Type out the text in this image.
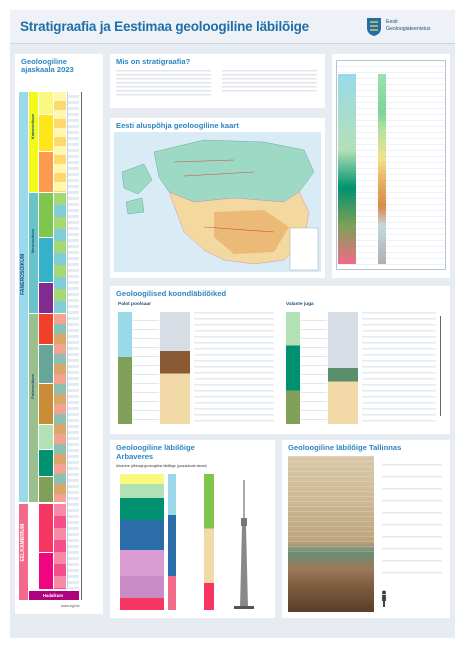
Stratigraafia ja Eestimaa geoloogiline läbilõige	Eesti
Geoloogiateenistus
Geoloogiline
ajaskaala 2023
FANEROSOIKUM
EELKAMBRIUM
Kainosoikum
Mesosoikum
Paleosoikum
Hadaikum
www.egt.ee
Mis on stratigraafia?
Eesti aluspõhja geoloogiline kaart
Geoloogilised koondläbilõiked
Palot poolsaar	Valaste juga
Geoloogiline läbilõige
Arbaveres
Arbavere põhivaja geoloogiline läbilõige (puuraukude alusel)
Geoloogiline läbilõige Tallinnas
